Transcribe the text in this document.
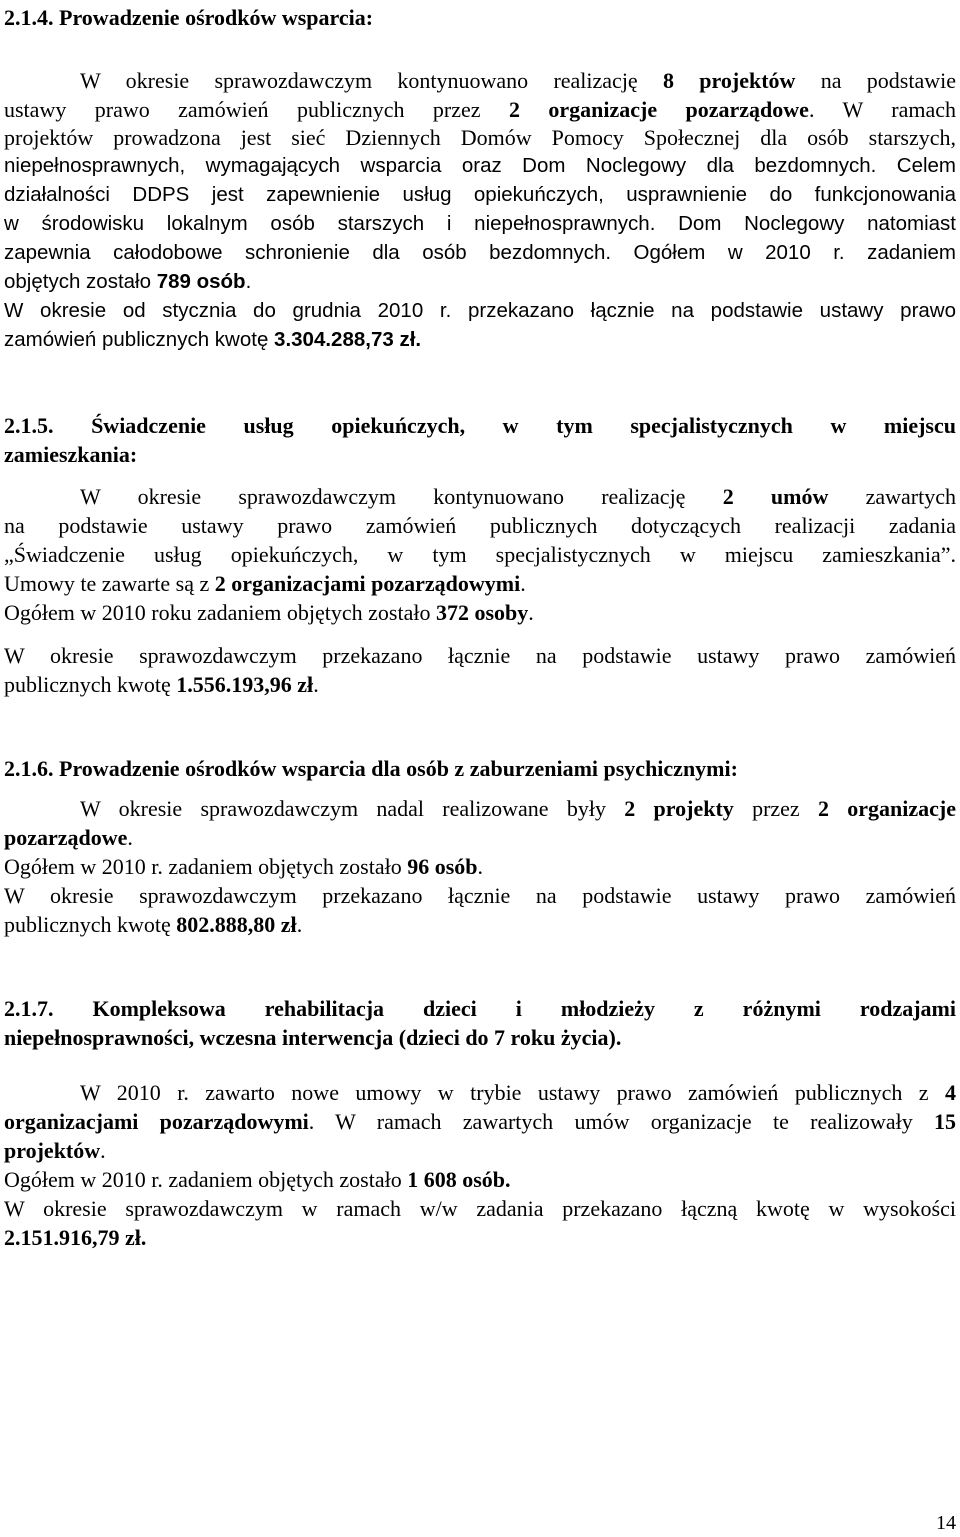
2.1.4. Prowadzenie ośrodków wsparcia:
W okresie sprawozdawczym kontynuowano realizację 8 projektów na podstawie
ustawy prawo zamówień publicznych przez 2 organizacje pozarządowe. W ramach
projektów prowadzona jest sieć Dziennych Domów Pomocy Społecznej dla osób starszych,
niepełnosprawnych, wymagających wsparcia oraz Dom Noclegowy dla bezdomnych. Celem
działalności DDPS jest zapewnienie usług opiekuńczych, usprawnienie do funkcjonowania
w środowisku lokalnym osób starszych i niepełnosprawnych. Dom Noclegowy natomiast
zapewnia całodobowe schronienie dla osób bezdomnych. Ogółem w 2010 r. zadaniem
objętych zostało 789 osób.
W okresie od stycznia do grudnia 2010 r. przekazano łącznie na podstawie ustawy prawo
zamówień publicznych kwotę 3.304.288,73 zł.
2.1.5. Świadczenie usług opiekuńczych, w tym specjalistycznych w miejscu
zamieszkania:
W okresie sprawozdawczym kontynuowano realizację 2 umów zawartych
na podstawie ustawy prawo zamówień publicznych dotyczących realizacji zadania
„Świadczenie usług opiekuńczych, w tym specjalistycznych w miejscu zamieszkania”.
Umowy te zawarte są z 2 organizacjami pozarządowymi.
Ogółem w 2010 roku zadaniem objętych zostało 372 osoby.
W okresie sprawozdawczym przekazano łącznie na podstawie ustawy prawo zamówień
publicznych kwotę 1.556.193,96 zł.
2.1.6. Prowadzenie ośrodków wsparcia dla osób z zaburzeniami psychicznymi:
W okresie sprawozdawczym nadal realizowane były 2 projekty przez 2 organizacje
pozarządowe.
Ogółem w 2010 r. zadaniem objętych zostało 96 osób.
W okresie sprawozdawczym przekazano łącznie na podstawie ustawy prawo zamówień
publicznych kwotę 802.888,80 zł.
2.1.7. Kompleksowa rehabilitacja dzieci i młodzieży z różnymi rodzajami
niepełnosprawności, wczesna interwencja (dzieci do 7 roku życia).
W 2010 r. zawarto nowe umowy w trybie ustawy prawo zamówień publicznych z 4
organizacjami pozarządowymi. W ramach zawartych umów organizacje te realizowały 15
projektów.
Ogółem w 2010 r. zadaniem objętych zostało 1 608 osób.
W okresie sprawozdawczym w ramach w/w zadania przekazano łączną kwotę w wysokości
2.151.916,79 zł.
14
